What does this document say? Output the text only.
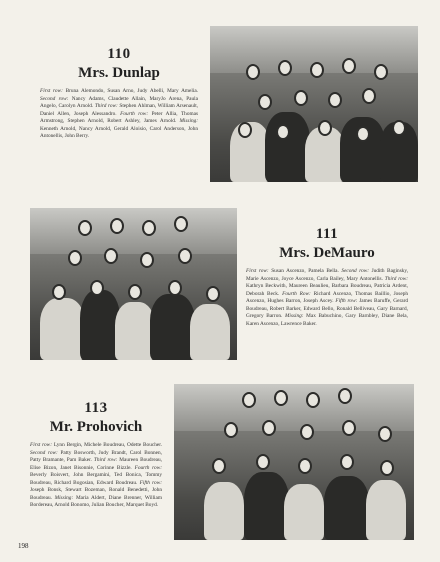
110
Mrs. Dunlap
First row: Bruna Alemondo, Susan Arno, Judy Abelli, Mary Amelia. Second row: Nancy Adams, Claudette Allain, MaryJo Arena, Paula Angelo, Carolyn Arnold. Third row: Stephen Ahlman, William Arsenault, Daniel Allen, Joseph Alessandro. Fourth row: Peter Allia, Thomas Armstrong, Stephen Arnold, Robert Ashley, James Arnold. Missing: Kenneth Arnold, Nancy Arnold, Gerald Aloisio, Carol Anderson, John Antonellis, John Berry.
111
Mrs. DeMauro
First row: Susan Ascenzo, Pamela Bella. Second row: Judith Baginsky, Marie Ascenzo, Joyce Ascenzo, Carla Bailey, Mary Antonellis. Third row: Kathryn Beckwith, Maureen Beaulieu, Barbara Boudreau, Patricia Ardent, Deborah Beck. Fourth Row: Richard Ascenzo, Thomas Baillio, Joseph Ascenzo, Hughes Barron, Joseph Ascey. Fifth row: James Baruffe, Gerard Boudreau, Robert Barker, Edward Bello, Ronald Belliveau, Gary Barnard, Gregory Barron. Missing: Max Babuchino, Gary Barnbley, Diane Bela, Karen Ascenzo, Lawrence Baker.
113
Mr. Prohovich
First row: Lynn Bergin, Michele Boudreau, Odette Boucher. Second row: Patty Bosworth, Judy Brandt, Carol Bonnen, Patty Bramante, Pam Baker. Third row: Maureen Boudreau, Elise Bizon, Janet Bisonnie, Corinne Bizzle. Fourth row: Beverly Boisvert, John Bergamini, Ted Bonica, Tommy Boudreau, Richard Bogosian, Edward Boudreau. Fifth row: Joseph Bonsk, Stewart Bozeman, Ronald Benedetti, John Boudreau. Missing: Maria Aldert, Diane Brenner, William Bordereau, Arnold Bonomo, Julian Boucher, Marquet Boyd.
198
